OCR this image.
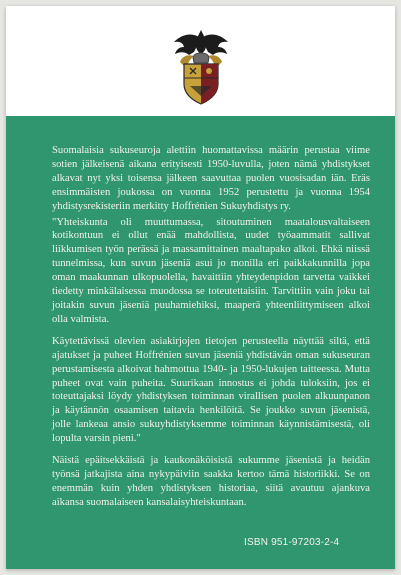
Suomalaisia sukuseuroja alettiin huomattavissa määrin perustaa viime sotien jälkeisenä aikana erityisesti 1950-luvulla, joten nämä yhdistykset alkavat nyt yksi toisensa jälkeen saavuttaa puolen vuosisadan iän. Eräs ensimmäisten joukossa on vuonna 1952 perustettu ja vuonna 1954 yhdistysrekisteriin merkitty Hoffrénien Sukuyhdistys ry.

"Yhteiskunta oli muuttumassa, sitoutuminen maatalousvaltaiseen kotikontuun ei ollut enää mahdollista, uudet työaammatit sallivat liikkumisen työn perässä ja massamittainen maaltapako alkoi. Ehkä niissä tunnelmissa, kun suvun jäseniä asui jo monilla eri paikkakunnilla jopa oman maakunnan ulkopuolella, havaittiin yhteydenpidon tarvetta vaikkei tiedetty minkälaisessa muodossa se toteutettaisiin. Tarvittiin vain joku tai joitakin suvun jäseniä puuhamiehiksi, maaperä yhteenliittymiseen alkoi olla valmista.

Käytettävissä olevien asiakirjojen tietojen perusteella näyttää siltä, että ajatukset ja puheet Hoffrénien suvun jäseniä yhdistävän oman sukuseuran perustamisesta alkoivat hahmottua 1940- ja 1950-lukujen taitteessa. Mutta puheet ovat vain puheita. Suurikaan innostus ei johda tuloksiin, jos ei toteuttajaksi löydy yhdistyksen toiminnan virallisen puolen alkuunpanon ja käytännön osaamisen taitavia henkilöitä. Se joukko suvun jäsenistä, jolle lankeaa ansio sukuyhdistyksemme toiminnan käynnistämisestä, oli lopulta varsin pieni."

Näistä epäitsekkäistä ja kaukonäköisistä sukumme jäsenistä ja heidän työnsä jatkajista aina nykypäiviin saakka kertoo tämä historiikki. Se on enemmän kuin yhden yhdistyksen historiaa, siitä avautuu ajankuva aikansa suomalaiseen kansalaisyhteiskuntaan.

ISBN 951-97203-2-4
